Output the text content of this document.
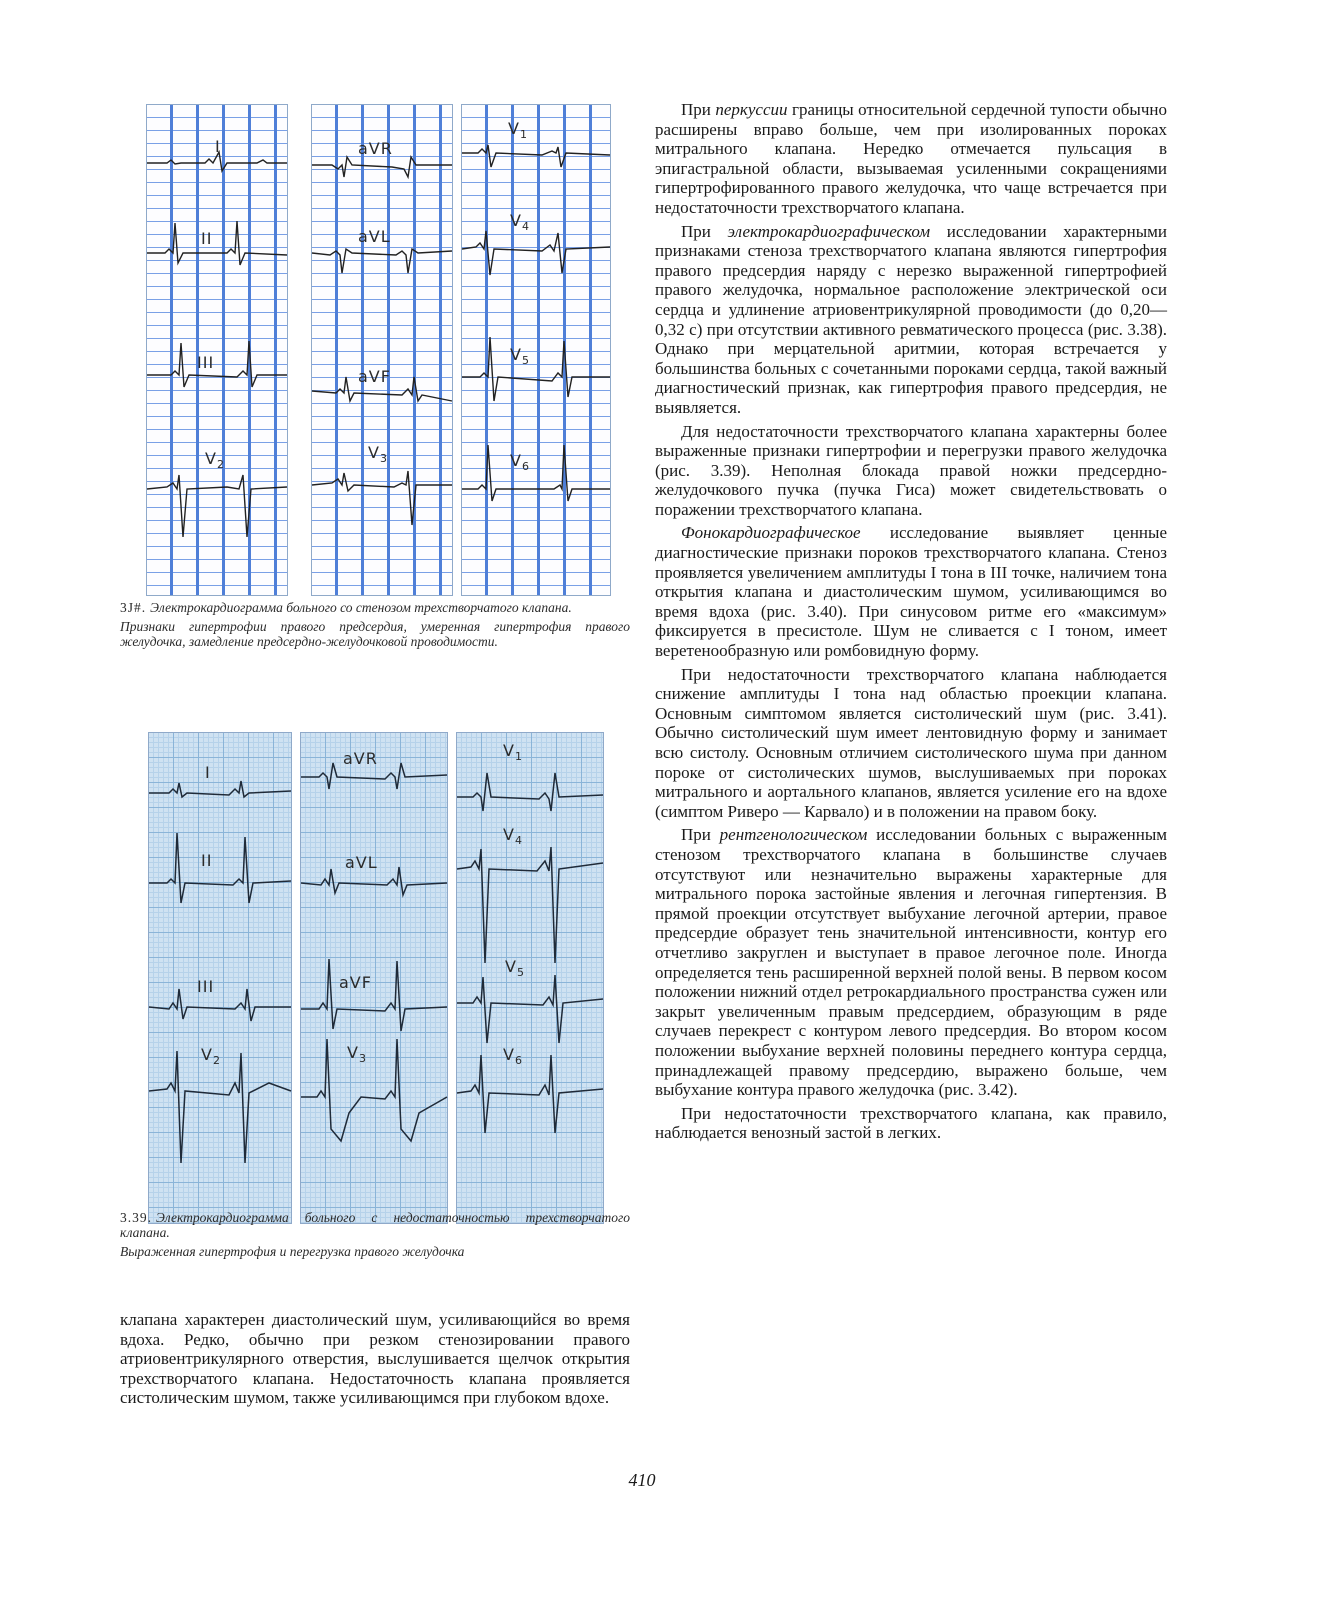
I
II
III
$V_2$
aVR
aVL
aVF
$V_3$
$V_1$
$V_4$
$V_5$
$V_6$

3J#. Электрокардиограмма больного со стенозом трехстворчатого клапана.

Признаки гипертрофии правого предсердия, умеренная гипертрофия правого желудочка, замедление предсердно-желудочковой проводимости.

I
II
III
$V_2$
aVR
aVL
aVF
$V_3$
$V_1$
$V_4$
$V_5$
$V_6$

3.39. Электрокардиограмма больного с недостаточностью трехстворчатого клапана.

Выраженная гипертрофия и перегрузка правого желудочка

клапана характерен диастолический шум, усиливающийся во время вдоха. Редко, обычно при резком стенозировании правого атриовентрикулярного отверстия, выслушивается щелчок открытия трехстворчатого клапана. Недостаточность клапана проявляется систолическим шумом, также усиливающимся при глубоком вдохе.

При перкуссии границы относительной сердечной тупости обычно расширены вправо больше, чем при изолированных пороках митрального клапана. Нередко отмечается пульсация в эпигастральной области, вызываемая усиленными сокращениями гипертрофированного правого желудочка, что чаще встречается при недостаточности трехстворчатого клапана.

При электрокардиографическом исследовании характерными признаками стеноза трехстворчатого клапана являются гипертрофия правого предсердия наряду с нерезко выраженной гипертрофией правого желудочка, нормальное расположение электрической оси сердца и удлинение атриовентрикулярной проводимости (до 0,20—0,32 с) при отсутствии активного ревматического процесса (рис. 3.38). Однако при мерцательной аритмии, которая встречается у большинства больных с сочетанными пороками сердца, такой важный диагностический признак, как гипертрофия правого предсердия, не выявляется.

Для недостаточности трехстворчатого клапана характерны более выраженные признаки гипертрофии и перегрузки правого желудочка (рис. 3.39). Неполная блокада правой ножки предсердно-желудочкового пучка (пучка Гиса) может свидетельствовать о поражении трехстворчатого клапана.

Фонокардиографическое исследование выявляет ценные диагностические признаки пороков трехстворчатого клапана. Стеноз проявляется увеличением амплитуды I тона в III точке, наличием тона открытия клапана и диастолическим шумом, усиливающимся во время вдоха (рис. 3.40). При синусовом ритме его «максимум» фиксируется в пресистоле. Шум не сливается с I тоном, имеет веретенообразную или ромбовидную форму.

При недостаточности трехстворчатого клапана наблюдается снижение амплитуды I тона над областью проекции клапана. Основным симптомом является систолический шум (рис. 3.41). Обычно систолический шум имеет лентовидную форму и занимает всю систолу. Основным отличием систолического шума при данном пороке от систолических шумов, выслушиваемых при пороках митрального и аортального клапанов, является усиление его на вдохе (симптом Риверо — Карвало) и в положении на правом боку.

При рентгенологическом исследовании больных с выраженным стенозом трехстворчатого клапана в большинстве случаев отсутствуют или незначительно выражены характерные для митрального порока застойные явления и легочная гипертензия. В прямой проекции отсутствует выбухание легочной артерии, правое предсердие образует тень значительной интенсивности, контур его отчетливо закруглен и выступает в правое легочное поле. Иногда определяется тень расширенной верхней полой вены. В первом косом положении нижний отдел ретрокардиального пространства сужен или закрыт увеличенным правым предсердием, образующим в ряде случаев перекрест с контуром левого предсердия. Во втором косом положении выбухание верхней половины переднего контура сердца, принадлежащей правому предсердию, выражено больше, чем выбухание контура правого желудочка (рис. 3.42).

При недостаточности трехстворчатого клапана, как правило, наблюдается венозный застой в легких.

410
